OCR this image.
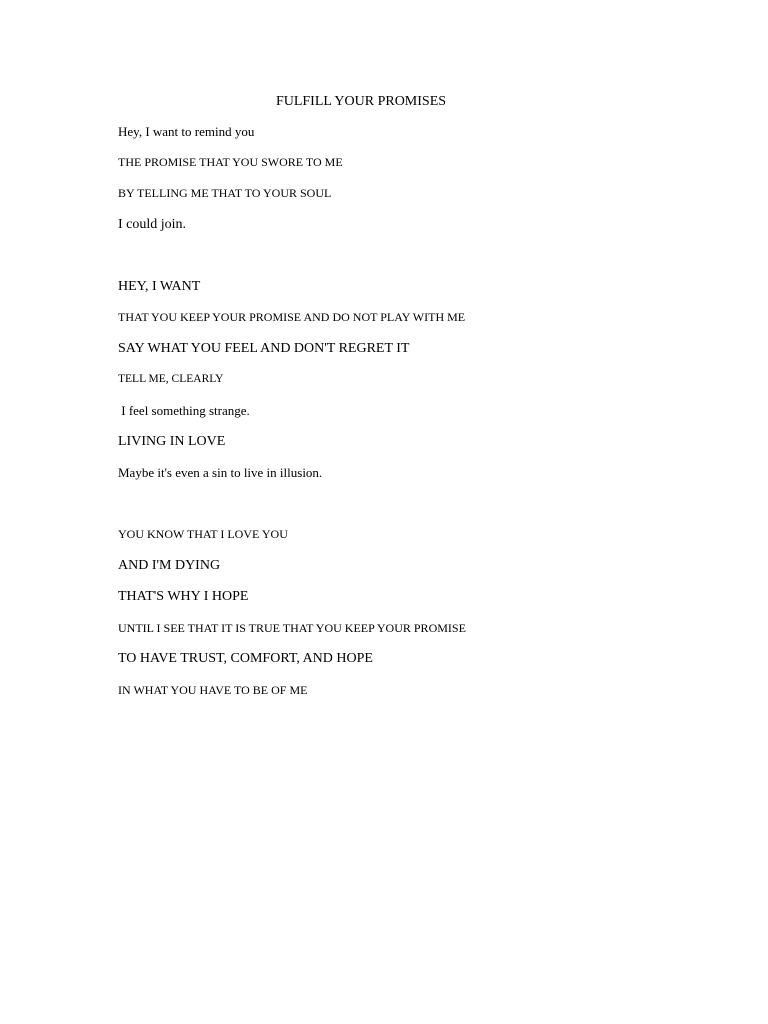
FULFILL YOUR PROMISES

Hey, I want to remind you

THE PROMISE THAT YOU SWORE TO ME

BY TELLING ME THAT TO YOUR SOUL

I could join.

HEY, I WANT

THAT YOU KEEP YOUR PROMISE AND DO NOT PLAY WITH ME

SAY WHAT YOU FEEL AND DON'T REGRET IT

TELL ME, CLEARLY

I feel something strange.

LIVING IN LOVE

Maybe it's even a sin to live in illusion.

YOU KNOW THAT I LOVE YOU

AND I'M DYING

THAT'S WHY I HOPE

UNTIL I SEE THAT IT IS TRUE THAT YOU KEEP YOUR PROMISE

TO HAVE TRUST, COMFORT, AND HOPE

IN WHAT YOU HAVE TO BE OF ME
